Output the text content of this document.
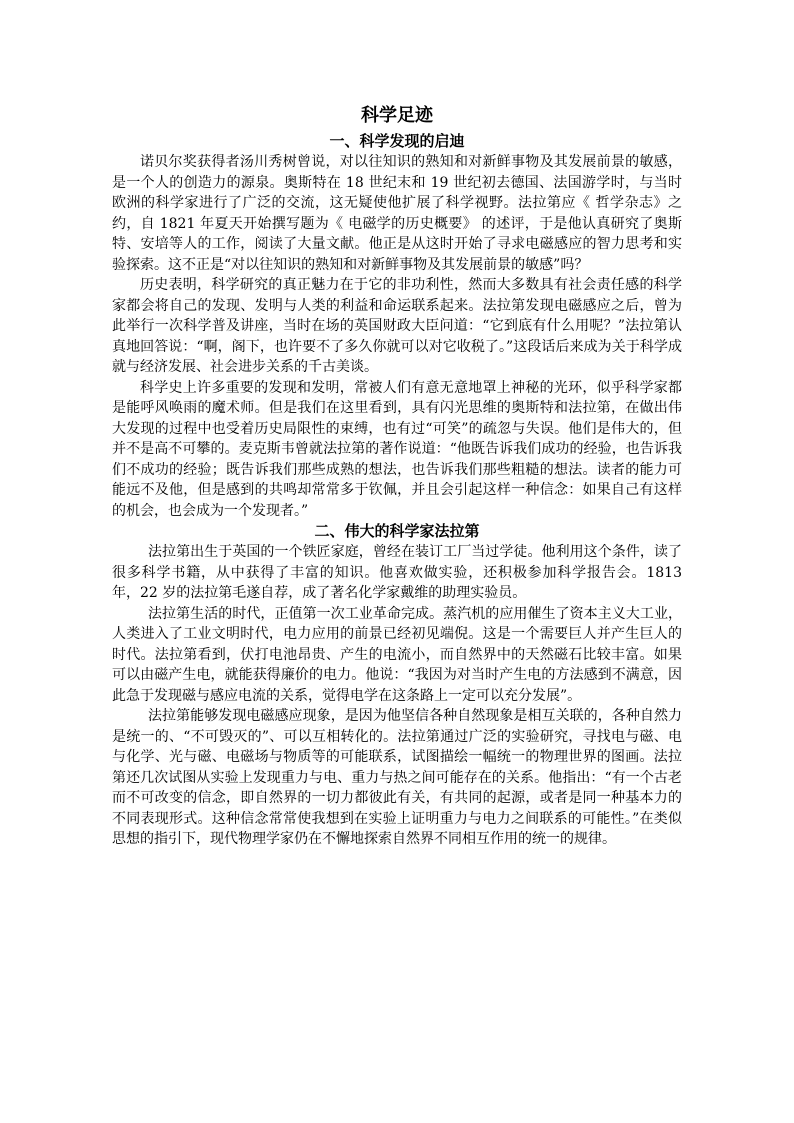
科学足迹
一、科学发现的启迪

诺贝尔奖获得者汤川秀树曾说，对以往知识的熟知和对新鲜事物及其发展前景的敏感，是一个人的创造力的源泉。奥斯特在 18 世纪末和 19 世纪初去德国、法国游学时，与当时欧洲的科学家进行了广泛的交流，这无疑使他扩展了科学视野。法拉第应《 哲学杂志》之约，自 1821 年夏天开始撰写题为《 电磁学的历史概要》 的述评，于是他认真研究了奥斯特、安培等人的工作，阅读了大量文献。他正是从这时开始了寻求电磁感应的智力思考和实验探索。这不正是“对以往知识的熟知和对新鲜事物及其发展前景的敏感”吗？

历史表明，科学研究的真正魅力在于它的非功利性，然而大多数具有社会责任感的科学家都会将自己的发现、发明与人类的利益和命运联系起来。法拉第发现电磁感应之后，曾为此举行一次科学普及讲座，当时在场的英国财政大臣问道：“它到底有什么用呢？”法拉第认真地回答说：“啊，阁下，也许要不了多久你就可以对它收税了。”这段话后来成为关于科学成就与经济发展、社会进步关系的千古美谈。

科学史上许多重要的发现和发明，常被人们有意无意地罩上神秘的光环，似乎科学家都是能呼风唤雨的魔术师。但是我们在这里看到，具有闪光思维的奥斯特和法拉第，在做出伟大发现的过程中也受着历史局限性的束缚，也有过“可笑”的疏忽与失误。他们是伟大的，但并不是高不可攀的。麦克斯韦曾就法拉第的著作说道：“他既告诉我们成功的经验，也告诉我们不成功的经验；既告诉我们那些成熟的想法，也告诉我们那些粗糙的想法。读者的能力可能远不及他，但是感到的共鸣却常常多于钦佩，并且会引起这样一种信念：如果自己有这样的机会，也会成为一个发现者。”

二、伟大的科学家法拉第

法拉第出生于英国的一个铁匠家庭，曾经在装订工厂当过学徒。他利用这个条件，读了很多科学书籍，从中获得了丰富的知识。他喜欢做实验，还积极参加科学报告会。1813 年，22 岁的法拉第毛遂自荐，成了著名化学家戴维的助理实验员。

法拉第生活的时代，正值第一次工业革命完成。蒸汽机的应用催生了资本主义大工业，人类进入了工业文明时代，电力应用的前景已经初见端倪。这是一个需要巨人并产生巨人的时代。法拉第看到，伏打电池昂贵、产生的电流小，而自然界中的天然磁石比较丰富。如果可以由磁产生电，就能获得廉价的电力。他说：“我因为对当时产生电的方法感到不满意，因此急于发现磁与感应电流的关系，觉得电学在这条路上一定可以充分发展”。

法拉第能够发现电磁感应现象，是因为他坚信各种自然现象是相互关联的，各种自然力是统一的、“不可毁灭的”、可以互相转化的。法拉第通过广泛的实验研究，寻找电与磁、电与化学、光与磁、电磁场与物质等的可能联系，试图描绘一幅统一的物理世界的图画。法拉第还几次试图从实验上发现重力与电、重力与热之间可能存在的关系。他指出：“有一个古老而不可改变的信念，即自然界的一切力都彼此有关，有共同的起源，或者是同一种基本力的不同表现形式。这种信念常常使我想到在实验上证明重力与电力之间联系的可能性。”在类似思想的指引下，现代物理学家仍在不懈地探索自然界不同相互作用的统一的规律。
